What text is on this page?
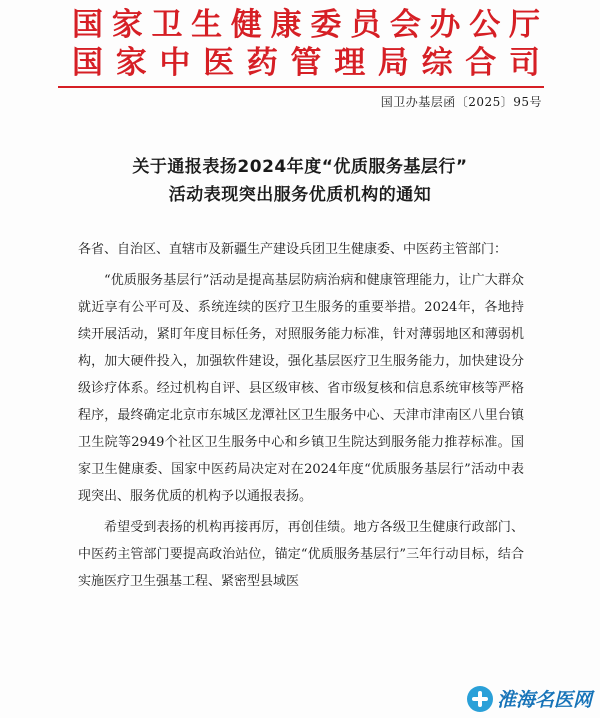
国家卫生健康委员会办公厅
国家中医药管理局综合司
国卫办基层函〔2025〕95号
关于通报表扬2024年度“优质服务基层行”
活动表现突出服务优质机构的通知

各省、自治区、直辖市及新疆生产建设兵团卫生健康委、中医药主管部门：

“优质服务基层行”活动是提高基层防病治病和健康管理能力，让广大群众就近享有公平可及、系统连续的医疗卫生服务的重要举措。2024年，各地持续开展活动，紧盯年度目标任务，对照服务能力标准，针对薄弱地区和薄弱机构，加大硬件投入，加强软件建设，强化基层医疗卫生服务能力，加快建设分级诊疗体系。经过机构自评、县区级审核、省市级复核和信息系统审核等严格程序，最终确定北京市东城区龙潭社区卫生服务中心、天津市津南区八里台镇卫生院等2949个社区卫生服务中心和乡镇卫生院达到服务能力推荐标准。国家卫生健康委、国家中医药局决定对在2024年度“优质服务基层行”活动中表现突出、服务优质的机构予以通报表扬。

希望受到表扬的机构再接再厉，再创佳绩。地方各级卫生健康行政部门、中医药主管部门要提高政治站位，锚定“优质服务基层行”三年行动目标，结合实施医疗卫生强基工程、紧密型县域医

淮海名医网
